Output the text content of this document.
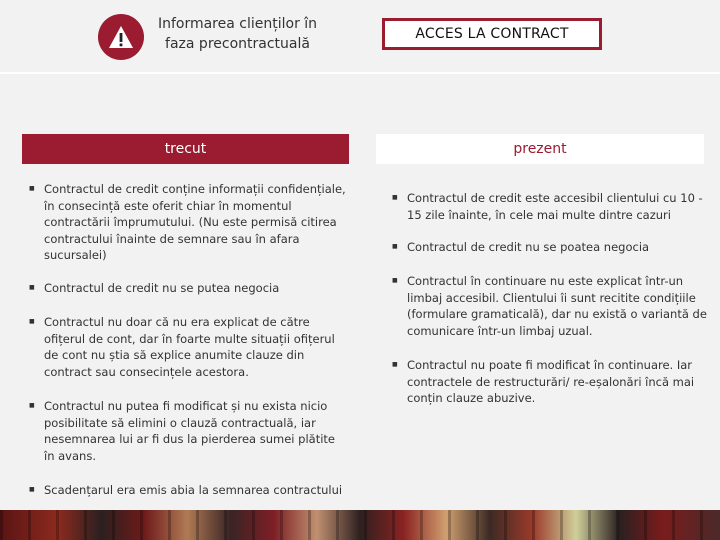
Informarea clienților în
faza precontractuală
ACCES LA CONTRACT
trecut	prezent
■ Contractul de credit conține informații confidențiale, în consecință este oferit chiar în momentul contractării împrumutului. (Nu este permisă citirea contractului înainte de semnare sau în afara sucursalei)
■ Contractul de credit nu se putea negocia
■ Contractul nu doar că nu era explicat de către ofițerul de cont, dar în foarte multe situații ofițerul de cont nu știa să explice anumite clauze din contract sau consecințele acestora.
■ Contractul nu putea fi modificat și nu exista nicio posibilitate să elimini o clauză contractuală, iar nesemnarea lui ar fi dus la pierderea sumei plătite în avans.
■ Scadențarul era emis abia la semnarea contractului
■ Contractul de credit este accesibil clientului cu 10 - 15 zile înainte, în cele mai multe dintre cazuri
■ Contractul de credit nu se poatea negocia
■ Contractul în continuare nu este explicat într-un limbaj accesibil. Clientului îi sunt recitite condițiile (formulare gramaticală), dar nu există o variantă de comunicare într-un limbaj uzual.
■ Contractul nu poate fi modificat în continuare. Iar contractele de restructurări/ re-eșalonări încă mai conțin clauze abuzive.
